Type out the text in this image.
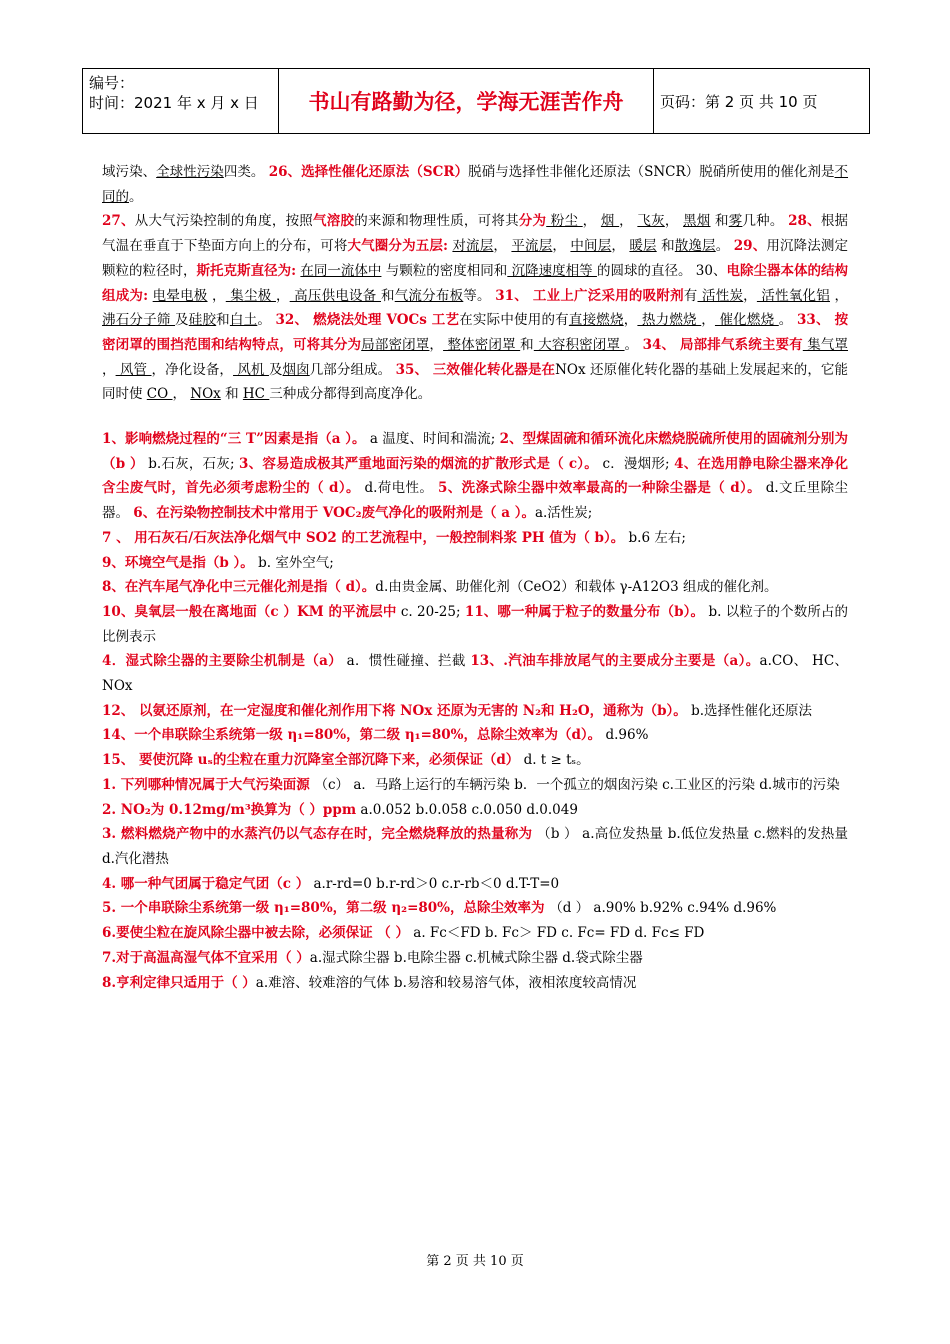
编号：
时间：2021 年 x 月 x 日	书山有路勤为径，学海无涯苦作舟	页码：第 2 页 共 10 页

域污染、全球性污染四类。 26、选择性催化还原法（SCR）脱硝与选择性非催化还原法（SNCR）脱硝所使用的催化剂是不同的。

27、从大气污染控制的角度，按照气溶胶的来源和物理性质，可将其分为 粉尘 ， 烟 ， 飞灰， 黑烟 和雾几种。 28、根据气温在垂直于下垫面方向上的分布，可将大气圈分为五层: 对流层， 平流层， 中间层， 暖层 和散逸层。 29、用沉降法测定颗粒的粒径时，斯托克斯直径为: 在同一流体中 与颗粒的密度相同和 沉降速度相等 的圆球的直径。 30、电除尘器本体的结构组成为: 电晕电极 ， 集尘极 ， 高压供电设备 和气流分布板等。 31、 工业上广泛采用的吸附剂有 活性炭， 活性氧化铝 ， 沸石分子筛 及硅胶和白土。 32、 燃烧法处理 VOCs 工艺在实际中使用的有直接燃烧， 热力燃烧 ， 催化燃烧 。 33、 按密闭罩的围挡范围和结构特点，可将其分为局部密闭罩， 整体密闭罩 和 大容积密闭罩 。 34、 局部排气系统主要有 集气罩 ， 风管 ，净化设备， 风机 及烟囱几部分组成。 35、 三效催化转化器是在NOx 还原催化转化器的基础上发展起来的，它能同时使 CO ， NOx 和 HC 三种成分都得到高度净化。

1、影响燃烧过程的“三 T”因素是指（a ）。 a 温度、时间和湍流; 2、型煤固硫和循环流化床燃烧脱硫所使用的固硫剂分别为（b ） b.石灰，石灰; 3、容易造成极其严重地面污染的烟流的扩散形式是（ c）。 c．漫烟形; 4、在选用静电除尘器来净化含尘废气时，首先必须考虑粉尘的（ d）。 d.荷电性。 5、洗涤式除尘器中效率最高的一种除尘器是（ d）。 d.文丘里除尘器。 6、在污染物控制技术中常用于 VOC₂废气净化的吸附剂是（ a ）。a.活性炭;

7 、 用石灰石/石灰法净化烟气中 SO2 的工艺流程中，一般控制料浆 PH 值为（ b）。 b.6 左右;

9、环境空气是指（b ）。 b. 室外空气;

8、在汽车尾气净化中三元催化剂是指（ d）。d.由贵金属、助催化剂（CeO2）和载体 γ-A12O3 组成的催化剂。

10、臭氧层一般在离地面（c ）KM 的平流层中 c. 20-25; 11、哪一种属于粒子的数量分布（b）。 b. 以粒子的个数所占的比例表示

4．湿式除尘器的主要除尘机制是（a） a．惯性碰撞、拦截 13、.汽油车排放尾气的主要成分主要是（a）。a.CO、 HC、NOx

12、 以氨还原剂，在一定湿度和催化剂作用下将 NOx 还原为无害的 N₂和 H₂O，通称为（b）。 b.选择性催化还原法

14、一个串联除尘系统第一级 η₁=80%，第二级 η₁=80%，总除尘效率为（d）。 d.96%

15、 要使沉降 uₛ的尘粒在重力沉降室全部沉降下来，必须保证（d） d. t ≥ tₛ。

1. 下列哪种情况属于大气污染面源 （c） a．马路上运行的车辆污染 b．一个孤立的烟囱污染 c.工业区的污染 d.城市的污染

2. NO₂为 0.12mg/m³换算为（ ）ppm a.0.052 b.0.058 c.0.050 d.0.049

3. 燃料燃烧产物中的水蒸汽仍以气态存在时，完全燃烧释放的热量称为 （b ） a.高位发热量 b.低位发热量 c.燃料的发热量 d.汽化潜热

4. 哪一种气团属于稳定气团（c ） a.r-rd=0 b.r-rd＞0 c.r-rb＜0 d.T-T=0

5. 一个串联除尘系统第一级 η₁=80%，第二级 η₂=80%，总除尘效率为 （d ） a.90% b.92% c.94% d.96%

6.要使尘粒在旋风除尘器中被去除，必须保证 （ ） a. Fc＜FD b. Fc＞ FD c. Fc= FD d. Fc≤ FD

7.对于高温高湿气体不宜采用（ ）a.湿式除尘器 b.电除尘器 c.机械式除尘器 d.袋式除尘器

8.亨利定律只适用于（ ）a.难溶、较难溶的气体 b.易溶和较易溶气体，液相浓度较高情况

第 2 页 共 10 页
